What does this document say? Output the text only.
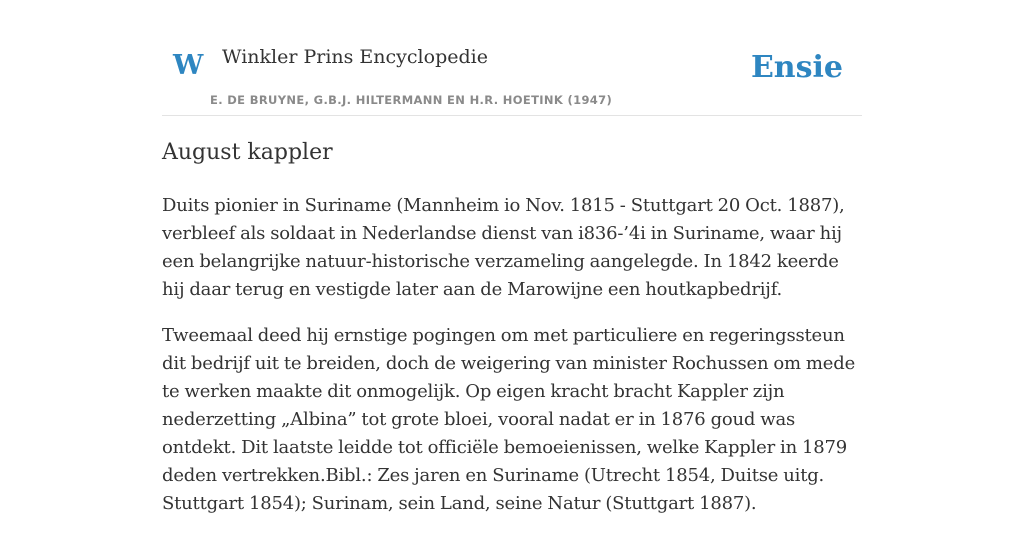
W Winkler Prins Encyclopedie
E. DE BRUYNE, G.B.J. HILTERMANN EN H.R. HOETINK (1947)
Ensie
August kappler

Duits pionier in Suriname (Mannheim io Nov. 1815 - Stuttgart 20 Oct. 1887), verbleef als soldaat in Nederlandse dienst van i836-’4i in Suriname, waar hij een belangrijke natuur-historische verzameling aangelegde. In 1842 keerde hij daar terug en vestigde later aan de Marowijne een houtkapbedrijf.

Tweemaal deed hij ernstige pogingen om met particuliere en regeringssteun dit bedrijf uit te breiden, doch de weigering van minister Rochussen om mede te werken maakte dit onmogelijk. Op eigen kracht bracht Kappler zijn nederzetting „Albina” tot grote bloei, vooral nadat er in 1876 goud was ontdekt. Dit laatste leidde tot officiële bemoeienissen, welke Kappler in 1879 deden vertrekken.Bibl.: Zes jaren en Suriname (Utrecht 1854, Duitse uitg. Stuttgart 1854); Surinam, sein Land, seine Natur (Stuttgart 1887).
